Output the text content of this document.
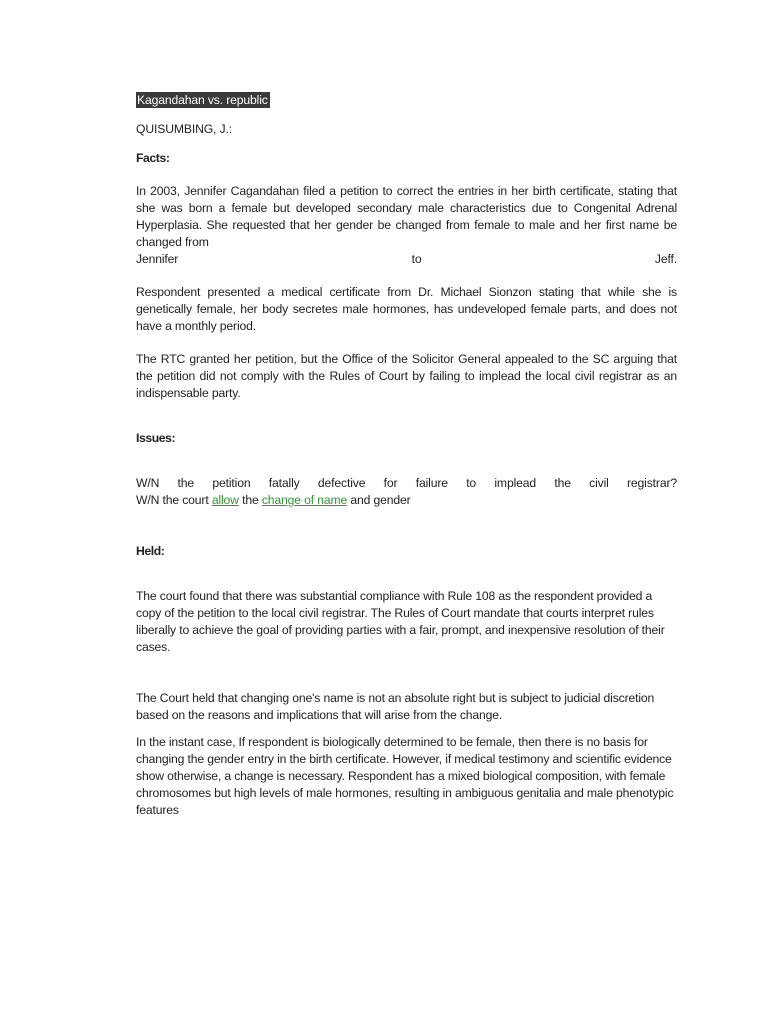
Kagandahan vs. republic

QUISUMBING, J.:

Facts:

In 2003, Jennifer Cagandahan filed a petition to correct the entries in her birth certificate, stating that she was born a female but developed secondary male characteristics due to Congenital Adrenal Hyperplasia. She requested that her gender be changed from female to male and her first name be changed from

Jennifer to Jeff.

Respondent presented a medical certificate from Dr. Michael Sionzon stating that while she is genetically female, her body secretes male hormones, has undeveloped female parts, and does not have a monthly period.

The RTC granted her petition, but the Office of the Solicitor General appealed to the SC arguing that the petition did not comply with the Rules of Court by failing to implead the local civil registrar as an indispensable party.

Issues:

W/N the petition fatally defective for failure to implead the civil registrar?

W/N the court allow the change of name and gender

Held:

The court found that there was substantial compliance with Rule 108 as the respondent provided a copy of the petition to the local civil registrar. The Rules of Court mandate that courts interpret rules liberally to achieve the goal of providing parties with a fair, prompt, and inexpensive resolution of their cases.

The Court held that changing one's name is not an absolute right but is subject to judicial discretion based on the reasons and implications that will arise from the change.

In the instant case, If respondent is biologically determined to be female, then there is no basis for changing the gender entry in the birth certificate. However, if medical testimony and scientific evidence show otherwise, a change is necessary. Respondent has a mixed biological composition, with female chromosomes but high levels of male hormones, resulting in ambiguous genitalia and male phenotypic features
